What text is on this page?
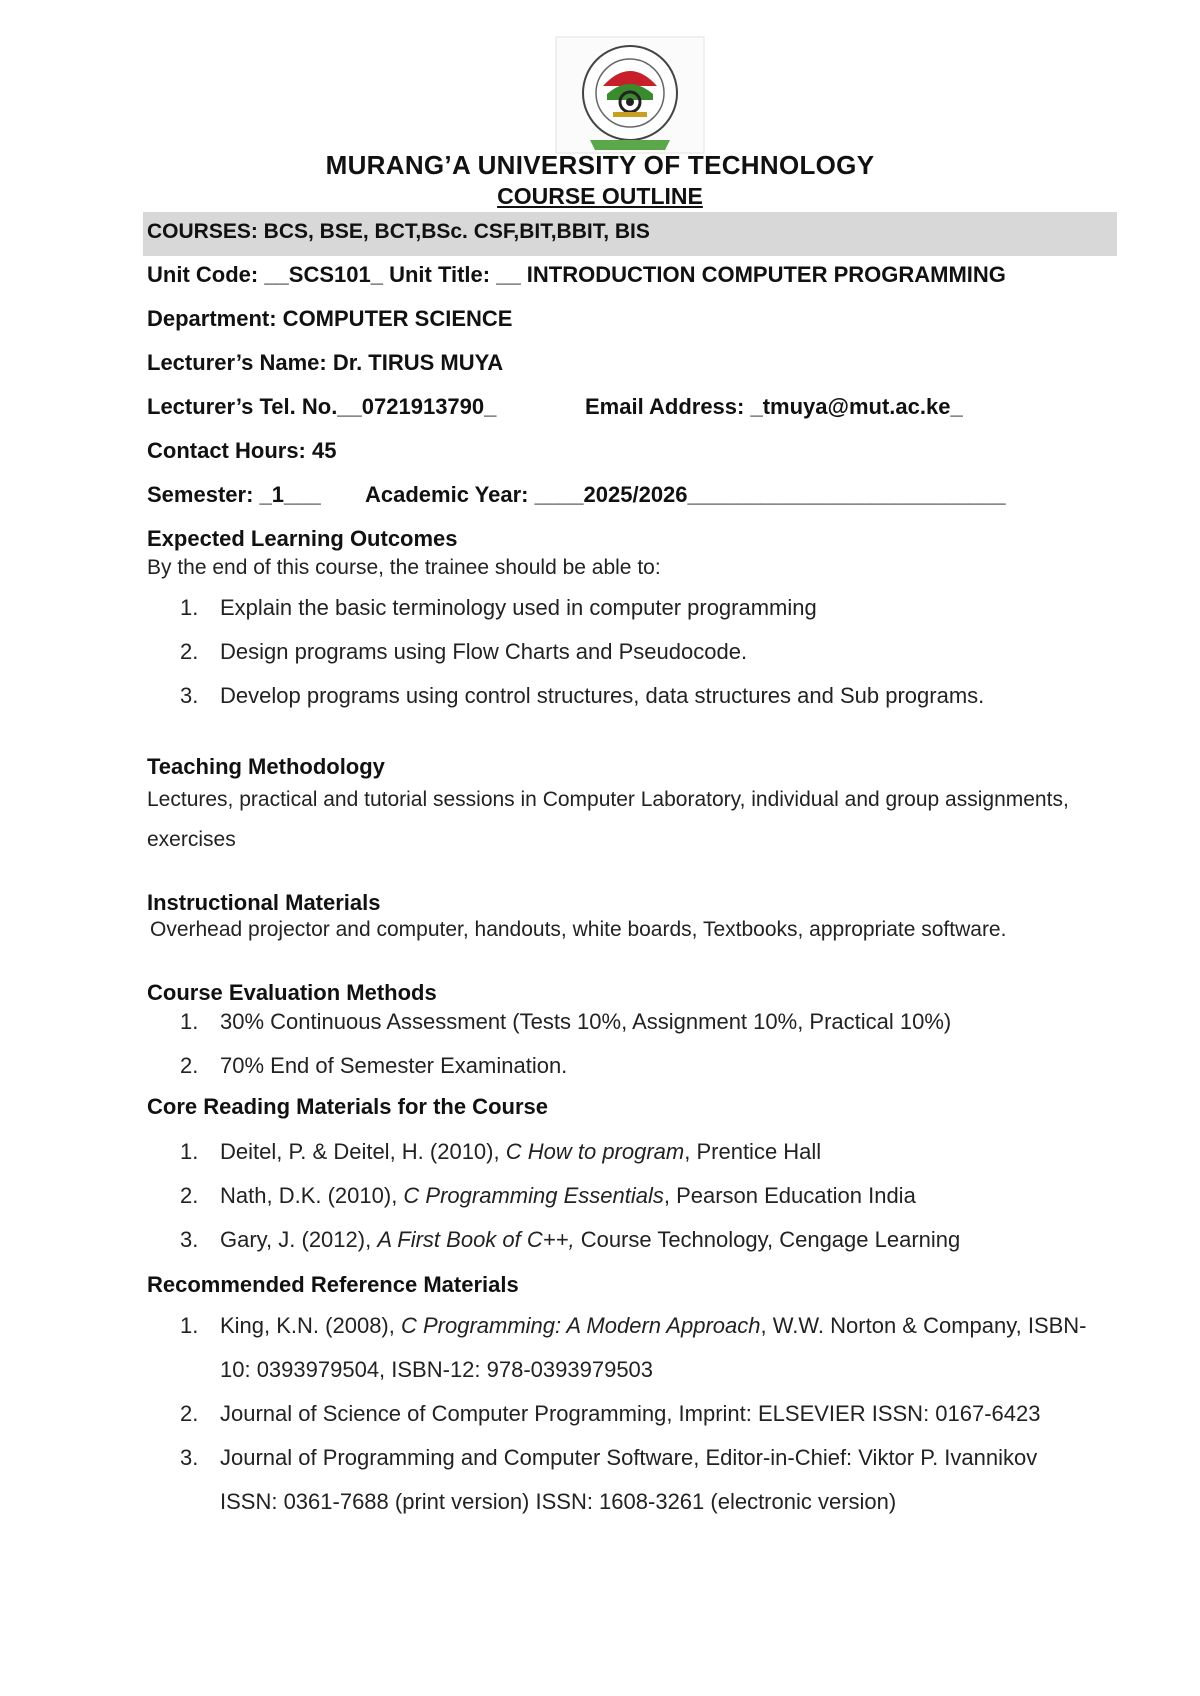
MURANG’A UNIVERSITY OF TECHNOLOGY
COURSE OUTLINE
COURSES: BCS, BSE, BCT,BSc. CSF,BIT,BBIT, BIS
Unit Code: __SCS101_ Unit Title: __ INTRODUCTION COMPUTER PROGRAMMING
Department: COMPUTER SCIENCE
Lecturer’s Name: Dr. TIRUS MUYA
Lecturer’s Tel. No.__0721913790_	Email Address: _tmuya@mut.ac.ke_
Contact Hours: 45
Semester: _1___ Academic Year: ____2025/2026__________________________
Expected Learning Outcomes
By the end of this course, the trainee should be able to:
1. Explain the basic terminology used in computer programming
2. Design programs using Flow Charts and Pseudocode.
3. Develop programs using control structures, data structures and Sub programs.
Teaching Methodology
Lectures, practical and tutorial sessions in Computer Laboratory, individual and group assignments, exercises
Instructional Materials
Overhead projector and computer, handouts, white boards, Textbooks, appropriate software.
Course Evaluation Methods
1. 30% Continuous Assessment (Tests 10%, Assignment 10%, Practical 10%)
2. 70% End of Semester Examination.
Core Reading Materials for the Course
1. Deitel, P. & Deitel, H. (2010), C How to program, Prentice Hall
2. Nath, D.K. (2010), C Programming Essentials, Pearson Education India
3. Gary, J. (2012), A First Book of C++, Course Technology, Cengage Learning
Recommended Reference Materials
1. King, K.N. (2008), C Programming: A Modern Approach, W.W. Norton & Company, ISBN-10: 0393979504, ISBN-12: 978-0393979503
2. Journal of Science of Computer Programming, Imprint: ELSEVIER ISSN: 0167-6423
3. Journal of Programming and Computer Software, Editor-in-Chief: Viktor P. Ivannikov ISSN: 0361-7688 (print version) ISSN: 1608-3261 (electronic version)
